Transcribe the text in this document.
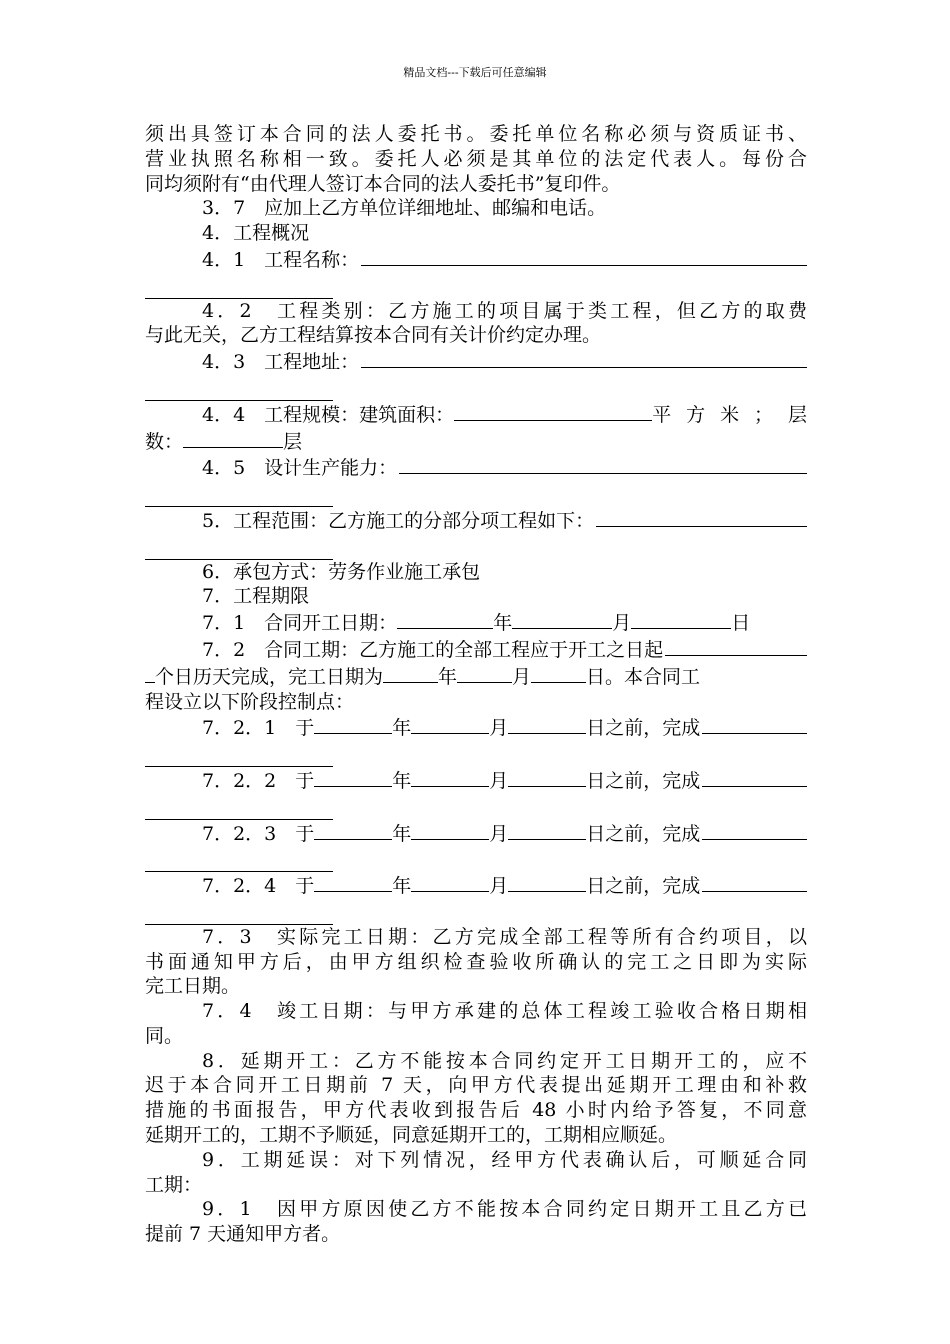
精品文档---下载后可任意编辑

须出具签订本合同的法人委托书。委托单位名称必须与资质证书、

营业执照名称相一致。委托人必须是其单位的法定代表人。每份合

同均须附有“由代理人签订本合同的法人委托书”复印件。

3．7　应加上乙方单位详细地址、邮编和电话。

4．工程概况

4．1　工程名称：

4．2　工程类别：乙方施工的项目属于类工程，但乙方的取费

与此无关，乙方工程结算按本合同有关计价约定办理。

4．3　工程地址：
4．4　工程规模：建筑面积：	平方米；层
数：	层
4．5　设计生产能力：
5．工程范围：乙方施工的分部分项工程如下：

6．承包方式：劳务作业施工承包

7．工程期限

7．1　合同开工日期：	年	月	日
7．2　合同工期：乙方施工的全部工程应于开工之日起
个日历天完成，完工日期为	年	月	日。本合同工

程设立以下阶段控制点：

7．2．1　于	年	月	日之前，完成
7．2．2　于	年	月	日之前，完成
7．2．3　于	年	月	日之前，完成
7．2．4　于	年	月	日之前，完成

7．3　实际完工日期：乙方完成全部工程等所有合约项目，以

书面通知甲方后，由甲方组织检查验收所确认的完工之日即为实际

完工日期。

7．4　竣工日期：与甲方承建的总体工程竣工验收合格日期相

同。

8．延期开工：乙方不能按本合同约定开工日期开工的，应不

迟于本合同开工日期前 7 天，向甲方代表提出延期开工理由和补救

措施的书面报告，甲方代表收到报告后 48 小时内给予答复，不同意

延期开工的，工期不予顺延，同意延期开工的，工期相应顺延。

9．工期延误：对下列情况，经甲方代表确认后，可顺延合同

工期：

9．1　因甲方原因使乙方不能按本合同约定日期开工且乙方已

提前 7 天通知甲方者。
